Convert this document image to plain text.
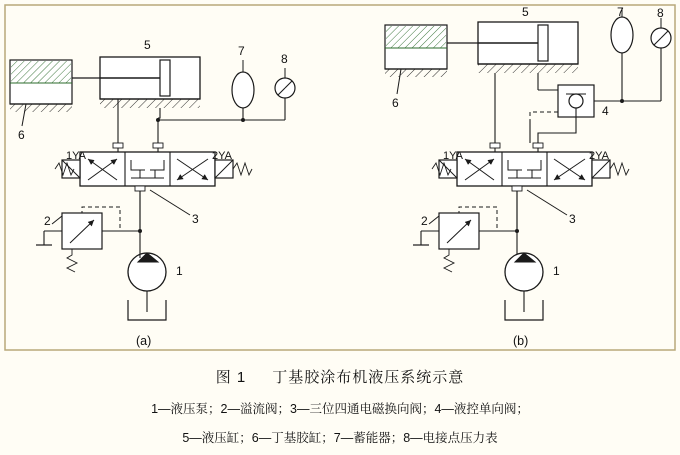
6
5	7
8
1YA	2YA
3
2
1
(a)
6
5	7	8
4
1YA	2YA
3
2
1
(b)
图 1 丁基胶涂布机液压系统示意
1—液压泵；2—溢流阀；3—三位四通电磁换向阀；4—液控单向阀；
5—液压缸；6—丁基胶缸；7—蓄能器；8—电接点压力表
